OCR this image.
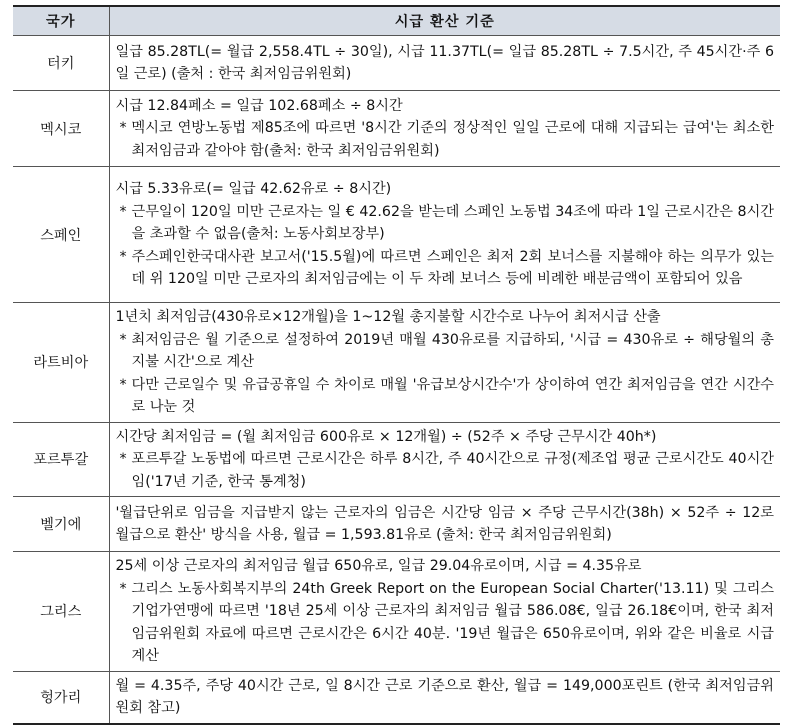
국가	시급 환산 기준
터키	일급 85.28TL(= 월급 2,558.4TL ÷ 30일), 시급 11.37TL(= 일급 85.28TL ÷ 7.5시간, 주 45시간·주 6일 근로) (출처 : 한국 최저임금위원회)

멕시코	시급 12.84페소 = 일급 102.68페소 ÷ 8시간
* 멕시코 연방노동법 제85조에 따르면 '8시간 기준의 정상적인 일일 근로에 대해 지급되는 급여'는 최소한 최저임금과 같아야 함(출처: 한국 최저임금위원회)

스페인	시급 5.33유로(= 일급 42.62유로 ÷ 8시간)
* 근무일이 120일 미만 근로자는 일 € 42.62을 받는데 스페인 노동법 34조에 따라 1일 근로시간은 8시간을 초과할 수 없음(출처: 노동사회보장부)
* 주스페인한국대사관 보고서('15.5월)에 따르면 스페인은 최저 2회 보너스를 지불해야 하는 의무가 있는데 위 120일 미만 근로자의 최저임금에는 이 두 차례 보너스 등에 비례한 배분금액이 포함되어 있음

라트비아	1년치 최저임금(430유로×12개월)을 1~12월 총지불할 시간수로 나누어 최저시급 산출
* 최저임금은 월 기준으로 설정하여 2019년 매월 430유로를 지급하되, '시급 = 430유로 ÷ 해당월의 총지불 시간'으로 계산
* 다만 근로일수 및 유급공휴일 수 차이로 매월 '유급보상시간수'가 상이하여 연간 최저임금을 연간 시간수로 나눈 것

포르투갈	시간당 최저임금 = (월 최저임금 600유로 × 12개월) ÷ (52주 × 주당 근무시간 40h*)
* 포르투갈 노동법에 따르면 근로시간은 하루 8시간, 주 40시간으로 규정(제조업 평균 근로시간도 40시간임('17년 기준, 한국 통계청)

벨기에	'월급단위로 임금을 지급받지 않는 근로자의 임금은 시간당 임금 × 주당 근무시간(38h) × 52주 ÷ 12로 월급으로 환산' 방식을 사용, 월급 = 1,593.81유로 (출처: 한국 최저임금위원회)

그리스	25세 이상 근로자의 최저임금 월급 650유로, 일급 29.04유로이며, 시급 = 4.35유로
* 그리스 노동사회복지부의 24th Greek Report on the European Social Charter('13.11) 및 그리스 기업가연맹에 따르면 '18년 25세 이상 근로자의 최저임금 월급 586.08€, 일급 26.18€이며, 한국 최저임금위원회 자료에 따르면 근로시간은 6시간 40분. '19년 월급은 650유로이며, 위와 같은 비율로 시급 계산

헝가리	월 = 4.35주, 주당 40시간 근로, 일 8시간 근로 기준으로 환산, 월급 = 149,000포린트 (한국 최저임금위원회 참고)
